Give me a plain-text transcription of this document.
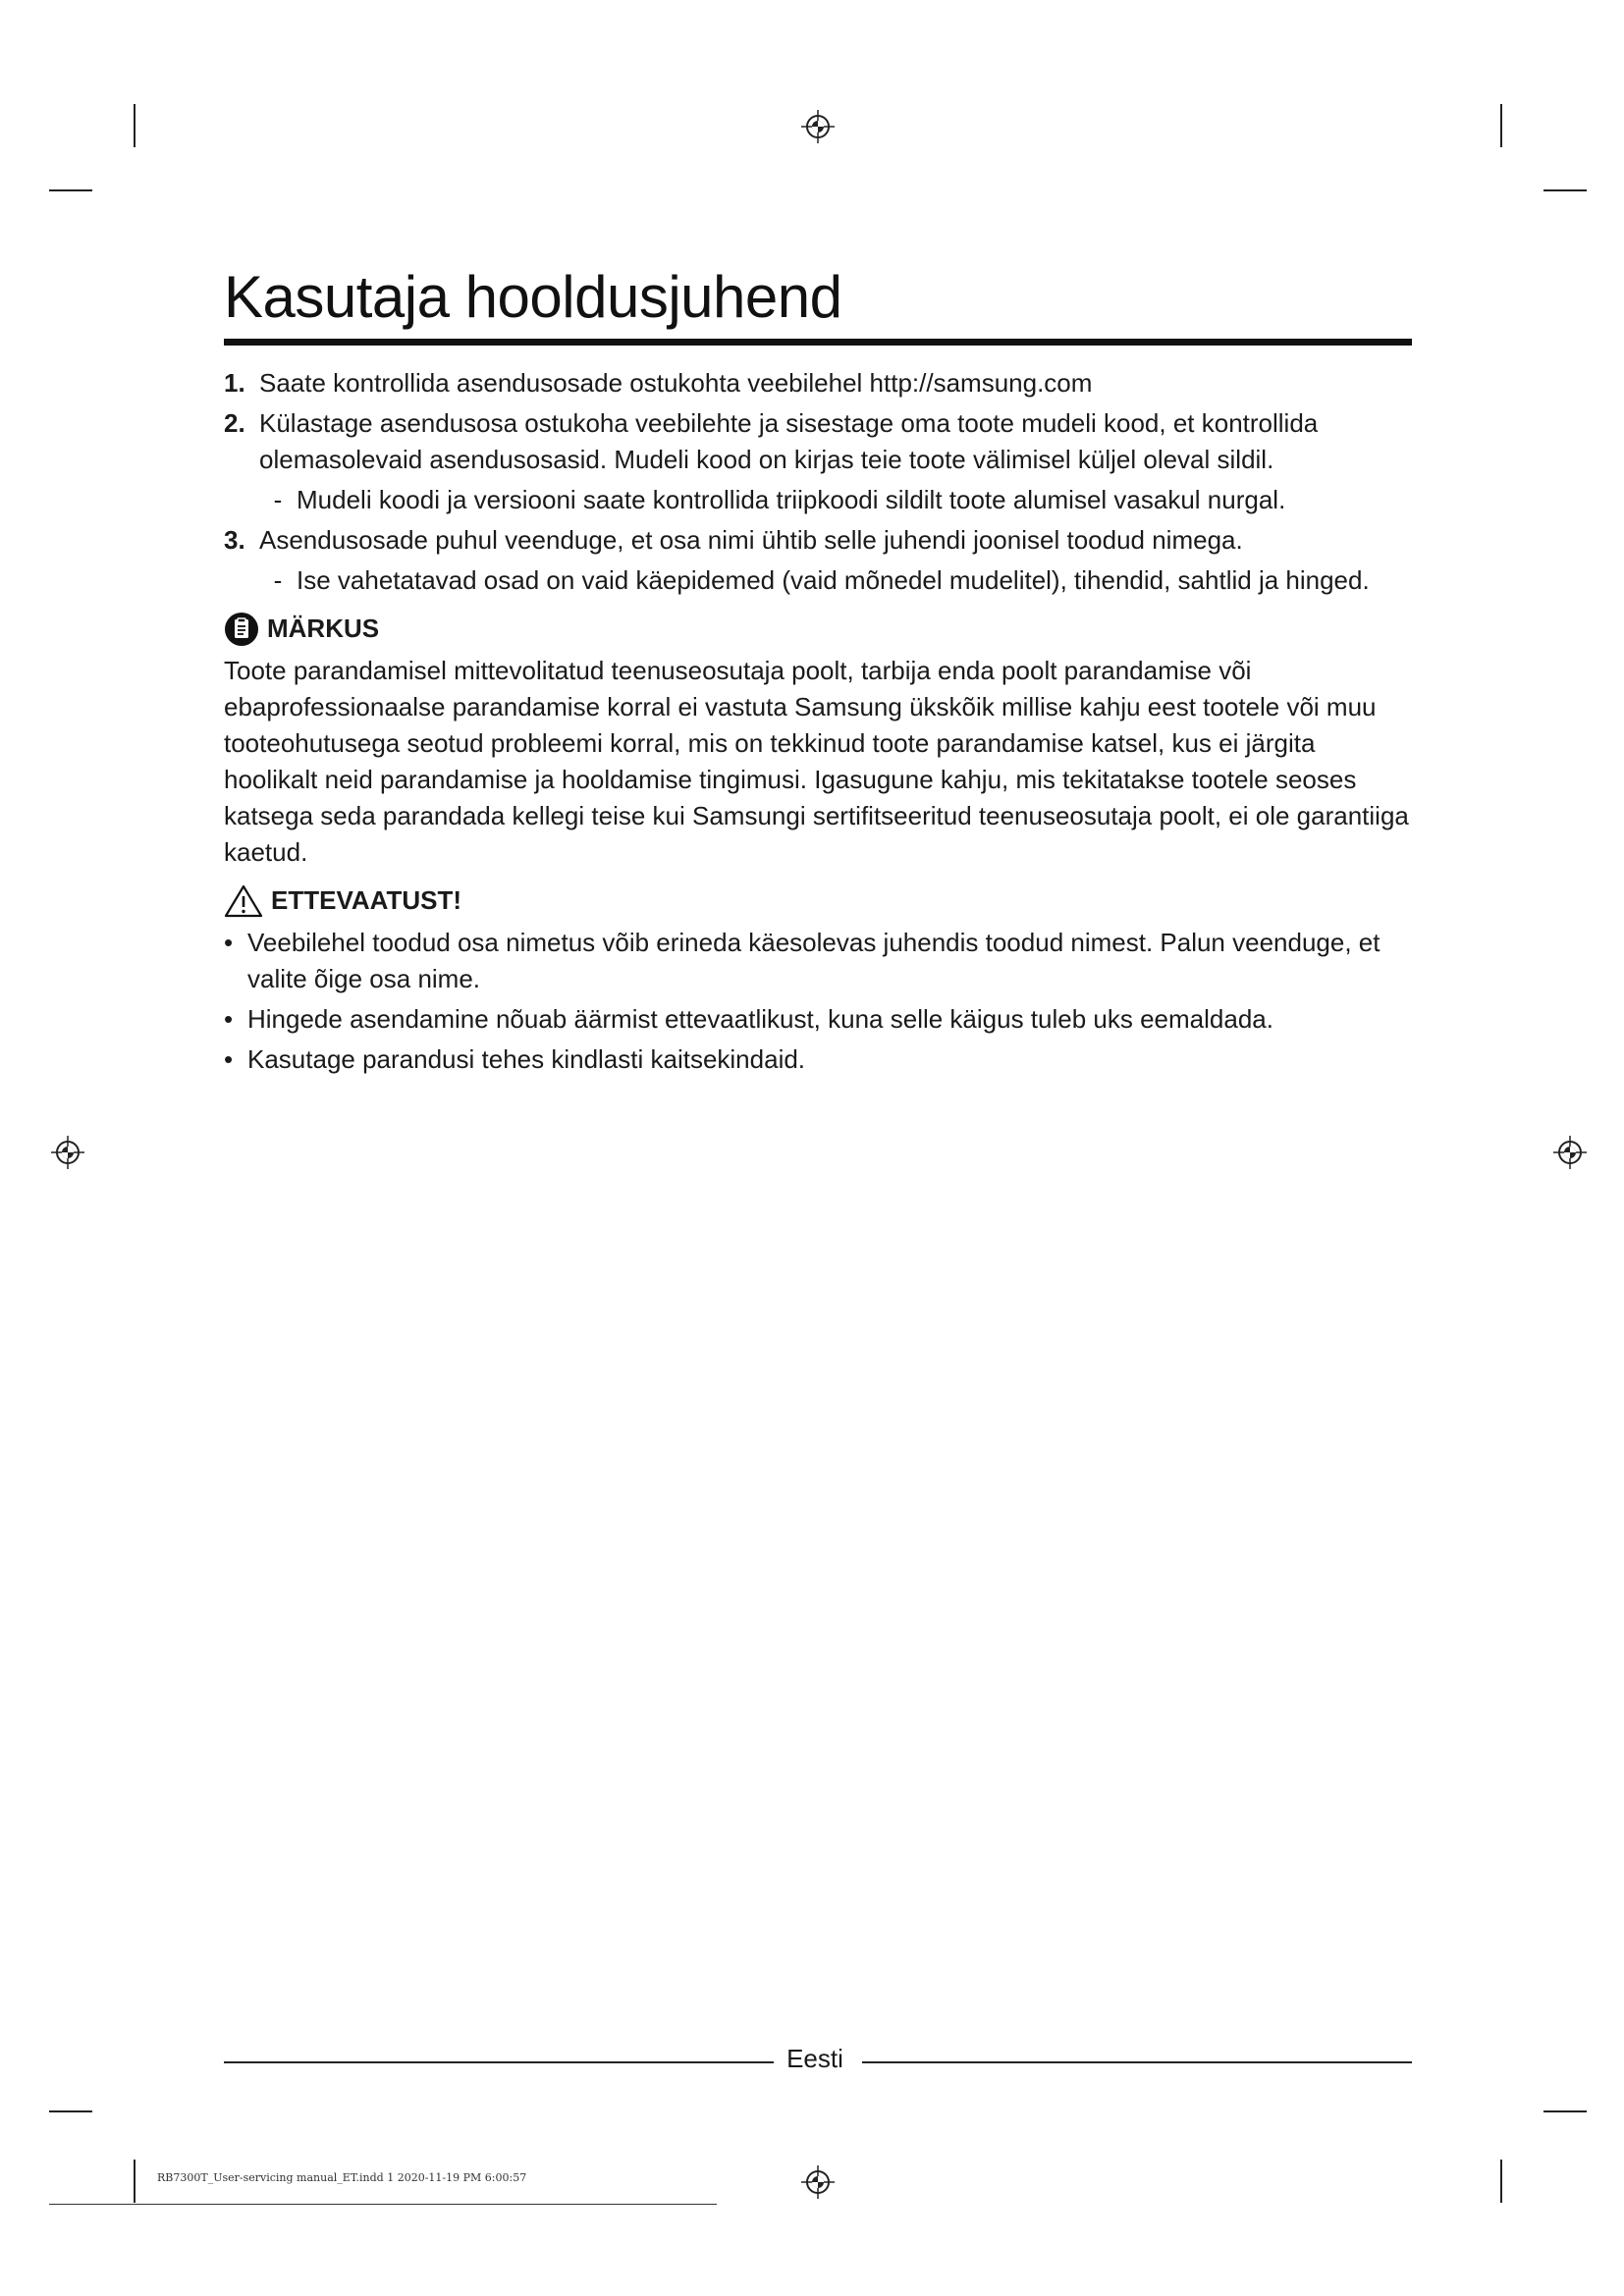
Kasutaja hooldusjuhend
1. Saate kontrollida asendusosade ostukohta veebilehel http://samsung.com
2. Külastage asendusosa ostukoha veebilehte ja sisestage oma toote mudeli kood, et kontrollida olemasolevaid asendusosasid. Mudeli kood on kirjas teie toote välimisel küljel oleval sildil.
- Mudeli koodi ja versiooni saate kontrollida triipkoodi sildilt toote alumisel vasakul nurgal.
3. Asendusosade puhul veenduge, et osa nimi ühtib selle juhendi joonisel toodud nimega.
- Ise vahetatavad osad on vaid käepidemed (vaid mõnedel mudelitel), tihendid, sahtlid ja hinged.
MÄRKUS

Toote parandamisel mittevolitatud teenuseosutaja poolt, tarbija enda poolt parandamise või ebaprofessionaalse parandamise korral ei vastuta Samsung ükskõik millise kahju eest tootele või muu tooteohutusega seotud probleemi korral, mis on tekkinud toote parandamise katsel, kus ei järgita hoolikalt neid parandamise ja hooldamise tingimusi. Igasugune kahju, mis tekitatakse tootele seoses katsega seda parandada kellegi teise kui Samsungi sertifitseeritud teenuseosutaja poolt, ei ole garantiiga kaetud.

ETTEVAATUST!
• Veebilehel toodud osa nimetus võib erineda käesolevas juhendis toodud nimest. Palun veenduge, et valite õige osa nime.
• Hingede asendamine nõuab äärmist ettevaatlikust, kuna selle käigus tuleb uks eemaldada.
• Kasutage parandusi tehes kindlasti kaitsekindaid.
Eesti
RB7300T_User-servicing manual_ET.indd 1 2020-11-19 PM 6:00:57
